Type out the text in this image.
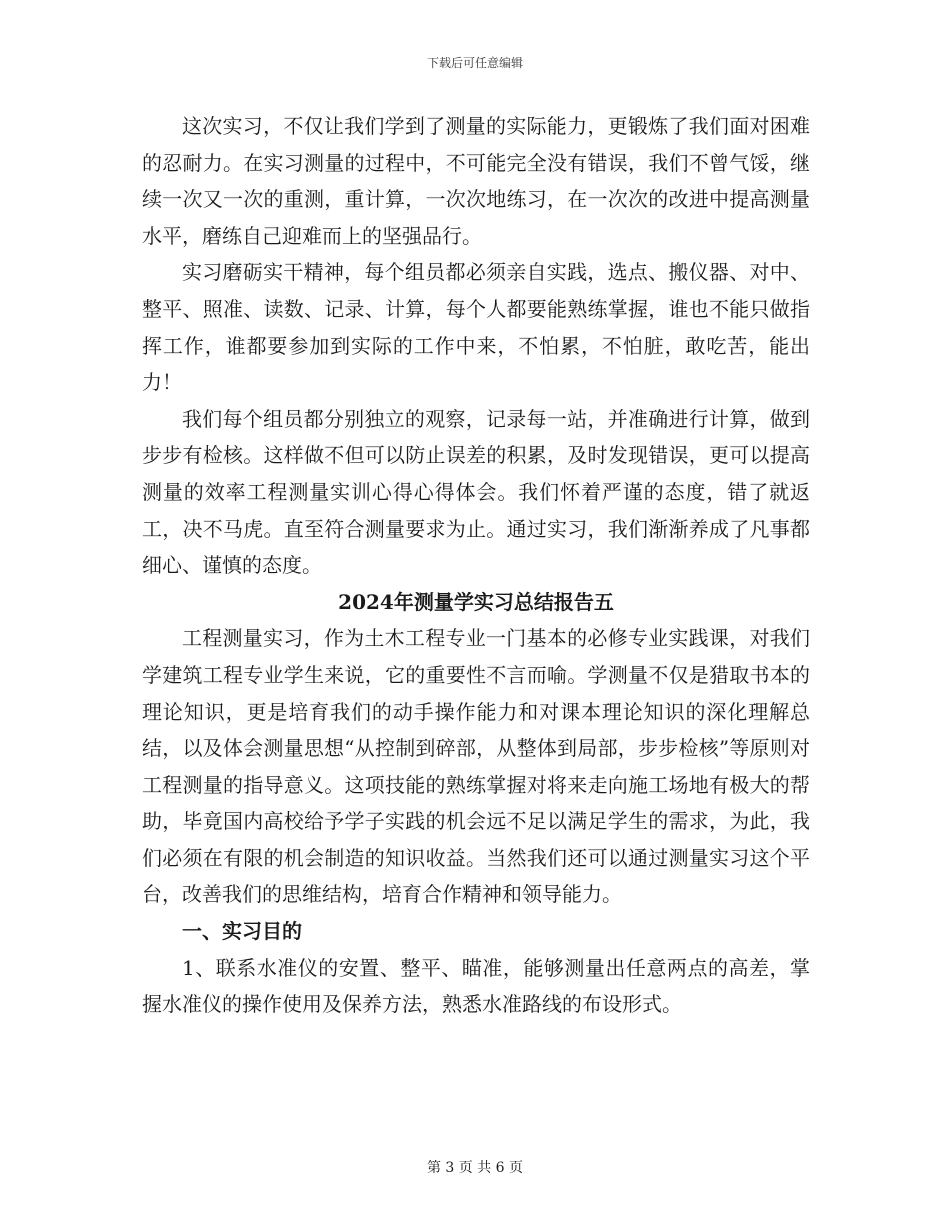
下载后可任意编辑

这次实习，不仅让我们学到了测量的实际能力，更锻炼了我们面对困难的忍耐力。在实习测量的过程中，不可能完全没有错误，我们不曾气馁，继续一次又一次的重测，重计算，一次次地练习，在一次次的改进中提高测量水平，磨练自己迎难而上的坚强品行。

实习磨砺实干精神，每个组员都必须亲自实践，选点、搬仪器、对中、整平、照准、读数、记录、计算，每个人都要能熟练掌握，谁也不能只做指挥工作，谁都要参加到实际的工作中来，不怕累，不怕脏，敢吃苦，能出力！

我们每个组员都分别独立的观察，记录每一站，并准确进行计算，做到步步有检核。这样做不但可以防止误差的积累，及时发现错误，更可以提高测量的效率工程测量实训心得心得体会。我们怀着严谨的态度，错了就返工，决不马虎。直至符合测量要求为止。通过实习，我们渐渐养成了凡事都细心、谨慎的态度。

2024年测量学实习总结报告五

工程测量实习，作为土木工程专业一门基本的必修专业实践课，对我们学建筑工程专业学生来说，它的重要性不言而喻。学测量不仅是猎取书本的理论知识，更是培育我们的动手操作能力和对课本理论知识的深化理解总结，以及体会测量思想“从控制到碎部，从整体到局部，步步检核”等原则对工程测量的指导意义。这项技能的熟练掌握对将来走向施工场地有极大的帮助，毕竟国内高校给予学子实践的机会远不足以满足学生的需求，为此，我们必须在有限的机会制造的知识收益。当然我们还可以通过测量实习这个平台，改善我们的思维结构，培育合作精神和领导能力。

一、实习目的

1、联系水准仪的安置、整平、瞄准，能够测量出任意两点的高差，掌握水准仪的操作使用及保养方法，熟悉水准路线的布设形式。

第 3 页 共 6 页
